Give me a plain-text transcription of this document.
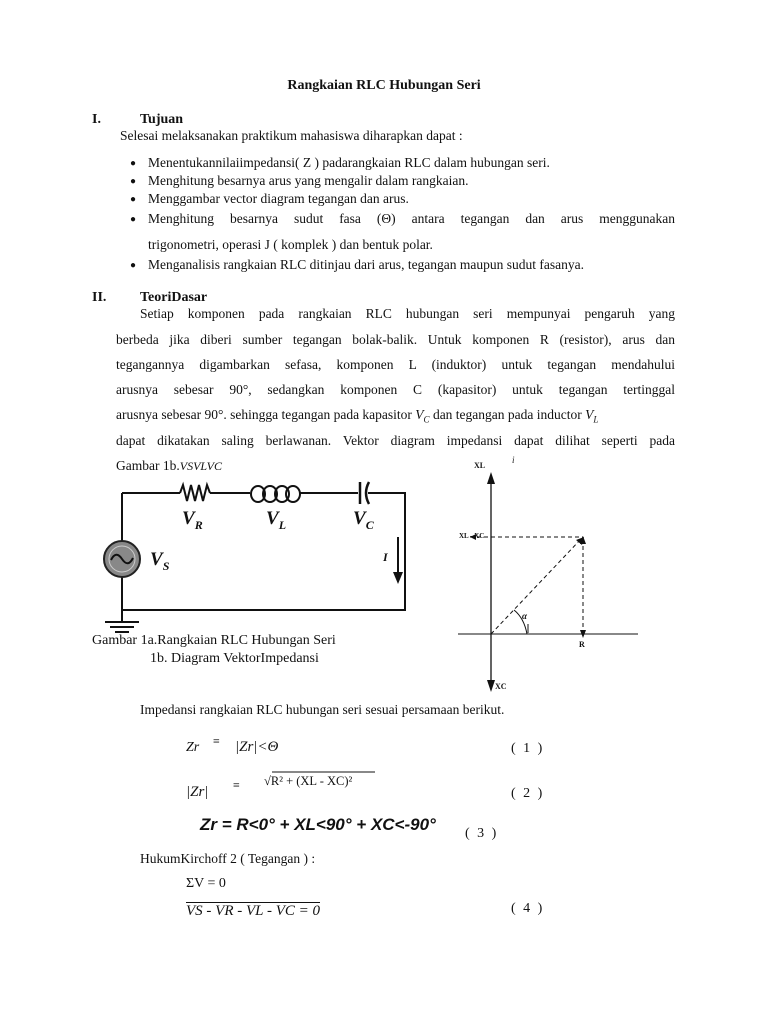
Rangkaian RLC Hubungan Seri
I.	Tujuan
Selesai melaksanakan praktikum mahasiswa diharapkan dapat :
● Menentukannilaiimpedansi( Z ) padarangkaian RLC dalam hubungan seri.
● Menghitung besarnya arus yang mengalir dalam rangkaian.
● Menggambar vector diagram tegangan dan arus.
● Menghitung besarnya sudut fasa (Θ) antara tegangan dan arus menggunakan
trigonometri, operasi J ( komplek ) dan bentuk polar.
● Menganalisis rangkaian RLC ditinjau dari arus, tegangan maupun sudut fasanya.
II. TeoriDasar
Setiap komponen pada rangkaian RLC hubungan seri mempunyai pengaruh yang
berbeda jika diberi sumber tegangan bolak-balik. Untuk komponen R (resistor), arus dan
tegangannya digambarkan sefasa, komponen L (induktor) untuk tegangan mendahului
arusnya sebesar 90°, sedangkan komponen C (kapasitor) untuk tegangan tertinggal
arusnya sebesar 90°. sehingga tegangan pada kapasitor $V_C$ dan tegangan pada inductor $V_L$
dapat dikatakan saling berlawanan. Vektor diagram impedansi dapat dilihat seperti pada
Gambar 1b.VSVLVC
$V_R$	$V_L$	$V_C$
$V_S$
I
XL
i
XL - XC
α
R
XC
Gambar 1a.Rangkaian RLC Hubungan Seri
1b. Diagram VektorImpedansi
Impedansi rangkaian RLC hubungan seri sesuai persamaan berikut.
Zr ≡ |Zr|<Θ	( 1 )
|Zr| ≡ √R² + (XL - XC)²
( 2 )
Zr = R<0° + XL<90° + XC<-90° ( 3 )
HukumKirchoff 2 ( Tegangan ) :
ΣV = 0
VS - VR - VL - VC = 0	( 4 )
